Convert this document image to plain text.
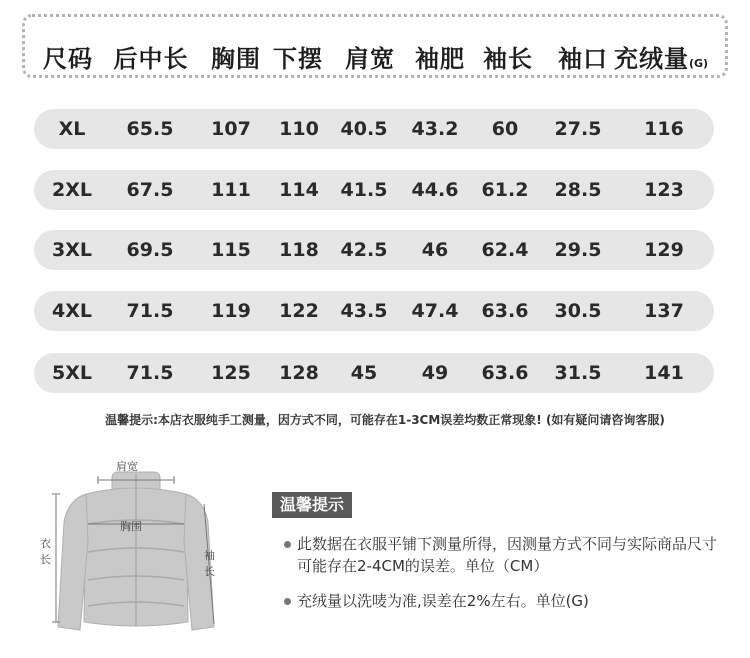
尺码 后中长 胸围 下摆 肩宽 袖肥 袖长 袖口 充绒量(G)
XL 65.5 107 110 40.5 43.2 60 27.5 116
2XL 67.5 111 114 41.5 44.6 61.2 28.5 123
3XL 69.5 115 118 42.5 46 62.4 29.5 129
4XL 71.5 119 122 43.5 47.4 63.6 30.5 137
5XL 71.5 125 128 45 49 63.6 31.5 141
温馨提示:本店衣服纯手工测量，因方式不同，可能存在1-3CM误差均数正常现象! (如有疑问请咨询客服)
肩宽
胸围
衣长	袖长
温馨提示
此数据在衣服平铺下测量所得，因测量方式不同与实际商品尺寸可能存在2-4CM的误差。单位（CM）
充绒量以洗唛为准,误差在2%左右。单位(G)
